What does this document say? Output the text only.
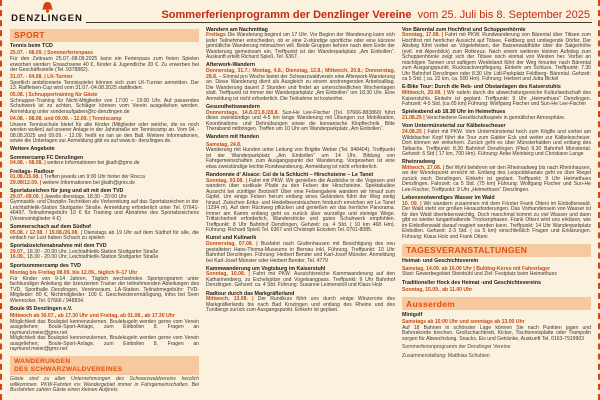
DENZLINGEN	Sommerferienprogramm der Denzlinger Vereine vom 25. Juli bis 8. September 2025
SPORT
Tennis beim TCD
25.07. - 08.09. | Sommerferienpass
Für den Zeitraum 25.07.-08.09.2025 kann ein Ferienpass zum freien Spielen erworben werden: Erwachsene 40 €, Kinder & Jugendliche 20 €. Zu erwerben bei der Geschäftsstelle (Tel. 9378882).
31.07. - 04.08. | LK-Turnier
Sportlich ambitionierte Tennisspieler können sich zum LK-Turnier anmelden. Der 13. Raiffeisen-Cup wird vom 31.07.-04.08.2025 stattfinden.
05.08. | Schnuppertraining für Gäste
Schnupper-Training für Nicht-Mitglieder von 17:00 – 19:00 Uhr. Auf passendes Schuhwerk ist zu achten, Schläger können vom Verein ausgeliehen werden. Anmeldung unter sonderaufgaben@tc-denzlingen.de
04.08. - 08.08. und 09.09. - 12.09. | Tenniscamp
Unsere Tennisschule bietet für alle Kinder (Mitglieder oder welche, die es noch werden wollen) auf unserer Anlage in der Jahnstraße ein Tenniscamp an. Vom 04. - 08.08.2025 und 09.09. - 12.09. heißt es ran an den Ball. Weitere Informationen, sowie die Unterlagen zur Anmeldung gibt es auf www.tc- denzlingen.de.
Weitere Angebote
Sommercamp FC Denzlingen
04.08. - 08.08. | weitere Informationen bei jjkath@gmx.de
Freitags- Radtour
01.08./15.08. | Treffen jeweils um 9:00 Uhr hinter der Rocca
29.08/12.09. | weitere Informationen bei jjkath@gmx.de
Sportabzeichen für jung und alt mit dem TVD
29.07.-09.09. | Jeweils dienstags, 18:30 - 20:00 Uhr
Gymnastik- und Disziplin-Techniken als Vorbereitung auf das Sportabzeichen in der Leichtathletik-Station Stuttgarter Straße. Anmeldung erforderlich unter Tel. 07641-46497. Teilnahmegebühr 10 € für Training und Abnahme des Sportabzeichens (Vereinsmitglieder 4 €)
Sommerschach auf dem Südhof
05.08. / 12.08. / 19.08./26.08. | Dienstags ab 19 Uhr auf dem Südhof für alle, die einfach nur Lust haben Schach zu spielen
Sportabzeichenabnahme mit dem TVD
29.07., 18.30 - 20.00 Uhr, Leichtathletik-Station Stuttgarter Straße
16.09., 18.30 - 20.00 Uhr, Leichtathletik-Station Stuttgarter Straße
Sportsommercamp des TVD
Montag bis Freitag 08.09. bis 12.09., täglich 9–17 Uhr
Für Kinder von 9-14 Jahren. Täglich wechselndes Sportprogramm unter fachkundiger Anleitung der lizenzierten Trainer der teilnehmenden Abteilungen des TVD. Sporthalle Denzlingen, Vereinsraum, LA-Station. Teilnahmegebühr: TVD- Mitglieder: 80 €, Nichtmitglieder: 100 €. Geschwisterermäßigung, Infos bei Sven Wienrocker, Tel. 07666 / 948834.
Boule 95 Denzlingen e.V.
Mittwoch ab 30.07., ab 17.30 Uhr und Freitag, ab 01.08., ab 17.30 Uhr
Möglichkeit das Boulspiel kennenzulernen, Boulekugeln werden gerne vom Verein ausgeliehen; Boule-Sport-Anlage, zum Einbollen 8, Fragen an raymund.meier@gmx.net
Möglichkeit das Boulspiel kennenzulernen, Boulekugeln werden gerne vom Verein ausgeliehen; Boule-Sport-Anlage, zum Einbollen 8, Fragen an raymund.meier@gmx.net
WANDERUNGEN
DES SCHWARZWALDVEREINES
Gäste sind zu allen Unternehmungen des Schwarzwaldvereins herzlich willkommen. PKW-Fahrten ins Wandergebiet immer in Fahrgemeinschaften. Bei Busfahrten zahlen Gäste einen kleinen Aufpreis.
Wandern am Nachmittag
Freitags Die Wanderung beginnt um 17 Uhr. Vor Beginn der Wanderung kann sich jeder Teilnehmer entscheiden, ob er eine 2-stündige sportliche oder eine kürzere gemütliche Wanderung mitmachen will. Beide Gruppen kehren nach dem Ende der Wanderung gemeinsam ein. Treffpunkt ist der Wanderparkplatz „Am Einbollen“. Auskunft erteilt Richard Spieß, Tel. 6367.
Afterwork-Wandern
Donnerstag, 31.7.; Montag, 4.8.; Dienstag, 12.8.; Mittwoch, 20.8.; Donnerstag, 28.8. – Einmal pro Woche bietet der Schwarzwaldverein eine Afterwork-Wanderung an. Diese Wanderung dient als Ausgleich zu einem anstrengenden Arbeitsalltag. Die Wanderung dauert 2 Stunden und findet an unterschiedlichen Wochentagen statt. Treffpunkt ist immer der Wanderparkplatz „Am Einbollen“ um 18.30 Uhr. Eine Anmeldung ist nicht erforderlich. Die Teilnahme ist kostenfrei.
Gesundheitswandern
Donnerstags, 14.8./21.8./28.8. Sun-He Lee-Fischer (Tel. 07666-883860) führt diese zweistündige und 4-5 km lange Wanderung mit Übungen zur Mobilisation, Koordinations- und Dehnübungen sowie die koreanische Klopftechnik. Bitte Theraband mitbringen. Treffen um 10 Uhr am Wanderparkplatz „Am Einbollen“.
Wandern mit Hunden
Samstag, 24.8.
Wanderung mit Hunden unter Leitung von Brigitte Weber (Tel. 948404). Treffpunkt ist der Wanderparkplatz „Am Einbollen“ um 14 Uhr, Bildung von Fahrgemeinschaften zum Ausgangspunkt der Wanderung. Vorgesehen ist eine etwa zweistündige leichte Rundwanderung. Anmeldung ist nicht erforderlich.
Randonnée d’ Alsace: Col de la Schlucht – Hirschsteine – Le Tanet
Sonntag, 03.08. | Fahrt mit PKW. Wir genießen die Ausblicke in die Vogesen und wandern über rustikale Pfade zu den Felsen der Hirschsteine. Spektakuläre Aussicht bei zünftiger Brotzeit!! Über eine Felsengalerie wandern wir hinauf zum Gipfel. Um einige Felsen herum entlang eines Geländers führt der Weg stetig hinauf. Zwischen Erika- und Heidelbeersträuchern hindurch erreichen wir Le Tanet (1294 m). Auf dem Rückweg pflücken und genießen wir das herrliche Panorama. Immer am Kamm entlang geht es zurück über wurzelige und steinige Wege. Trittsicherheit erforderlich, Wanderstöcke und gutes Schuhwerk empfohlen. Treffpunkt: 8 Uhr Bahnhof Denzlingen, Gehzeit: ca. 4 Std. ( 10 km 468 Hm). Führung: Richard Spieß Tel. 6367 und Christoph Eckstein Tel. 0761-8085.
Kunst und Kulinarik
Donnerstag, 07.08. | Busfahrt nach Grafenhausen mit Besichtigung des neu gestalteten Hans-Thoma-Museums in Bernau inkl. Führung. Treffpunkt: 10 Uhr Bahnhof Denzlingen. Führung: Herbert Bender und Karl-Josef Münster. Anmeldung bei Karl-Josef Münster oder Herbert Bender, Tel. 4779
Kammwanderung um Vogtsburg im Kaiserstuhl
Sonntag, 10.08. | Fahrt mit PKW. Aussichtsreiche Kammwanderung auf den Katharinenberg, zu Eichelspitze und Vogelsangpass. Treffpunkt: 9 Uhr Bahnhof Denzlingen. Gehzeit: ca. 4 Std. Führung: Susanne Leimenstoll und Klaus Holz
Radtour durch das Markgräflerland
Mittwoch, 13.08. | Der Rundkurs führt uns durch einige Winzerorte des Markgräflerlands bis nach Bad Krozingen und entlang des Rheins und des Tunibergs zurück zum Ausgangspunkt. Einkehr ist geplant.
Von Bärental zum Hochfirst und Schuppenhörnle
Sonntag, 17.08. | Fahrt mit PKW. Rundwanderung von Bärental über Titisee zum Hochfirst mit herrlicher Aussicht auf Titisee, Feldberg und umliegende Dörfer. Der Abstieg führt vorbei an Vögelefelsen, der Batzenwaldhütte über die Saigerhöhe (evtl. mit Alpenblick) zum Rotkreuz. Nach einem weiteren kleinen Aufstieg zum Schuppenhörnle zeigt sich der Titisee noch einmal von Westen her. Vorbei an mächtigen Tannen und saftigem Weideland führt der Weg hinunter nach Bärental zum Ausgangspunkt. Rucksackverpflegung. Einkehr am Schluss. Treffpunkt: 7.30 Uhr Bahnhof Denzlingen oder 8.30 Uhr Lidl-Parkplatz Feldberg- Bärental. Gehzeit: ca 5 Std. ( ca. 22 km, ca. 500 Hm). Führung: Herbert und Jutta Bickel
E-Bike Tour: Durch die Reb- und Obstanlagen des Kaiserstuhls
Mittwoch, 20.08. | Wir radeln durch die abwechslungsreiche Kulturlandschaft des Kaiserstuhls. Einkehr ist geplant. Treffpunkt: 9 Uhr „Heimethues“ Denzlingen. Fahrzeit: 4-5 Std. (ca 65 km) Führung: Wolfgang Fischer und Sun-He Lee-Fischer
Spieleabend ab 18.30 Uhr im Heimethues
21.08.25 | Verschiedene Gesellschaftsspiele in gemütlicher Atmosphäre.
Vom Untermünstertal zur Kälbelescheuer
24.08.25 | Fahrt mit PKW. Vom Untermünstertal hoch zum Kögfle und vorbei am Wildsbacher Kopf führt die Tour zum Gabler Eck und weiter zur Kälbelescheuer. Dort können wir einkehren. Zurück geht es über Münsterhalden und entlang des Talbachs. Treffpunkt: 8.30 Bahnhof Denzlingen (Pkw) 9.30 Bahnhof Münstertal. Gehzeit: 6 Std ( 17 km, 700 Hm). Führung: Anke Meinberg und Christiane Lange
Rheinradweg
Mittwoch, 27.08. | Bei Wyhl befahren wir den Rheinradweg bis nach Rheinhausen, wo der Wendepunkt erreicht ist. Entlang des Leopoldskanals geht es über Riegel zurück nach Denzlingen. Einkehr ist geplant. Treffpunkt: 9 Uhr Heimethues Denzlingen. Fahrzeit: ca 5 Std. (75 km) Führung: Wolfgang Fischer und Sun-He Lee-Fischer, Treffpunkt: 9 Uhr „Heimethues“ Denzlingen.
Lebensnotwendiges Wasser im Wald
10. 09. | Wir wandern zusammen mit dem Förster Frank Otteni im Einbollenwald. Der Wald steht vor großen Herausforderungen. Das Vorhandensein von Wasser ist für den Wald überlebenswichtig. Doch manchmal kommt zu viel Wasser und dann gibt es wieder langanhaltende Trockenphasen. Frank Otteni wird uns erklären, wie im Einbollenwald darauf reagiert werden kann. Treffpunkt: 14 Uhr Wanderparkplatz Einbollen. Gehzeit: 2-3 Std. ( ca 5 km) einschließlich Fragen und Erklärungen. Führung: Klaus Holz und Frank Otteni
TAGESVERANSTALTUNGEN
Heimat- und Geschichtsverein
Samstag, 14.09. ab 16.00 Uhr | Bulldog-Korso mit Fahrerlager
Start: Gewerbegebiet Steinbühl und Ziel: Festplatz beim Heimethues
Traditioneller Hock des Heimat -und Geschichtsvereins
Sonntag, 15.09., ab 11.00 Uhr
Ausserdem
Minigolf
Samstags ab 15:00 Uhr und sonntags ab 13.00 Uhr
Auf 18 Bahnen in schönster Lage können Sie nach Punkten jagen und Bahnrekorde brechen. Großschachbrett, Kicker, Tischtennisplatte oder Trampolin sorgen für Abwechslung. Snacks, Eis und Getränke, Auskunft Tel. 0163-7919903
Sommerferienprogramm der Denzlinger Vereine
Zusammenstellung: Matthias Schubien
